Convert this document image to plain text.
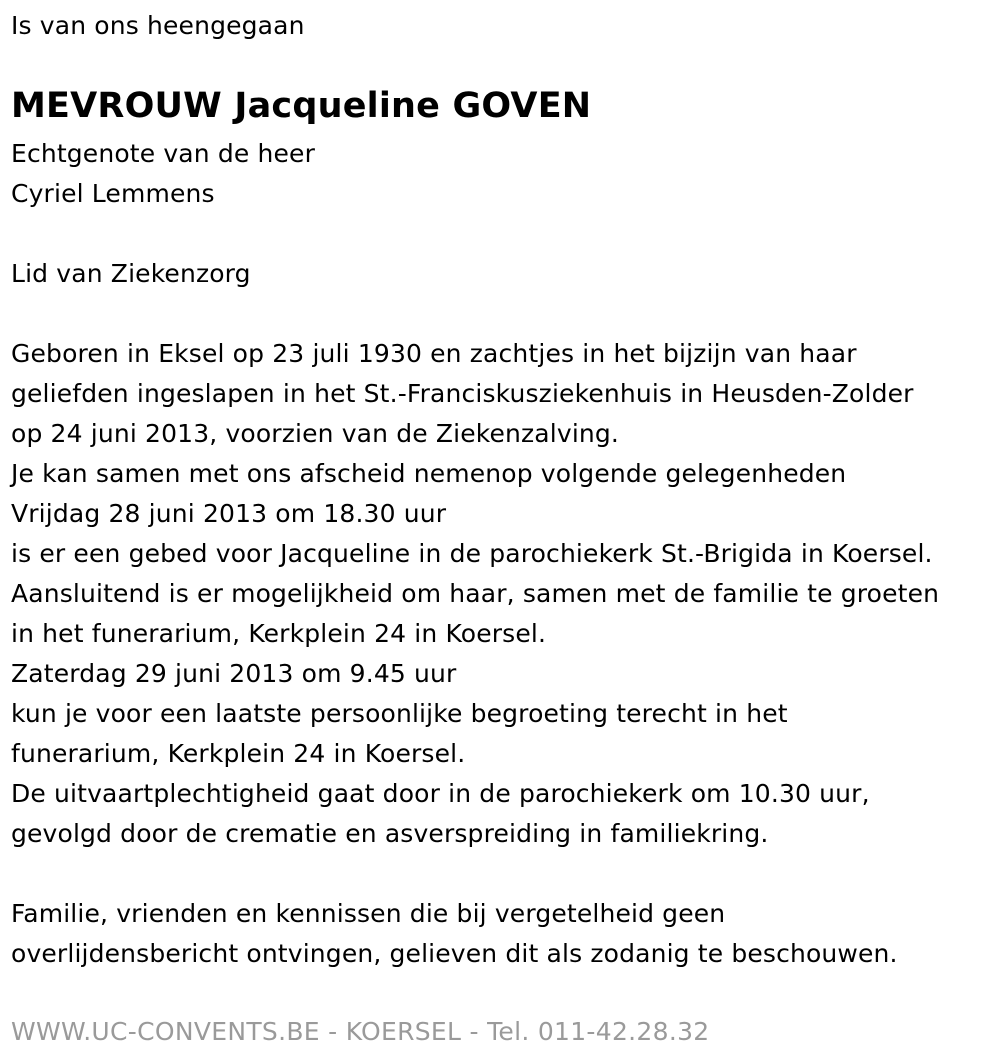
Is van ons heengegaan
MEVROUW Jacqueline GOVEN
Echtgenote van de heer
Cyriel Lemmens
Lid van Ziekenzorg
Geboren in Eksel op 23 juli 1930 en zachtjes in het bijzijn van haar
geliefden ingeslapen in het St.-Franciskusziekenhuis in Heusden-Zolder
op 24 juni 2013, voorzien van de Ziekenzalving.
Je kan samen met ons afscheid nemenop volgende gelegenheden
Vrijdag 28 juni 2013 om 18.30 uur
is er een gebed voor Jacqueline in de parochiekerk St.-Brigida in Koersel.
Aansluitend is er mogelijkheid om haar, samen met de familie te groeten
in het funerarium, Kerkplein 24 in Koersel.
Zaterdag 29 juni 2013 om 9.45 uur
kun je voor een laatste persoonlijke begroeting terecht in het
funerarium, Kerkplein 24 in Koersel.
De uitvaartplechtigheid gaat door in de parochiekerk om 10.30 uur,
gevolgd door de crematie en asverspreiding in familiekring.
Familie, vrienden en kennissen die bij vergetelheid geen
overlijdensbericht ontvingen, gelieven dit als zodanig te beschouwen.
WWW.UC-CONVENTS.BE - KOERSEL - Tel. 011-42.28.32
